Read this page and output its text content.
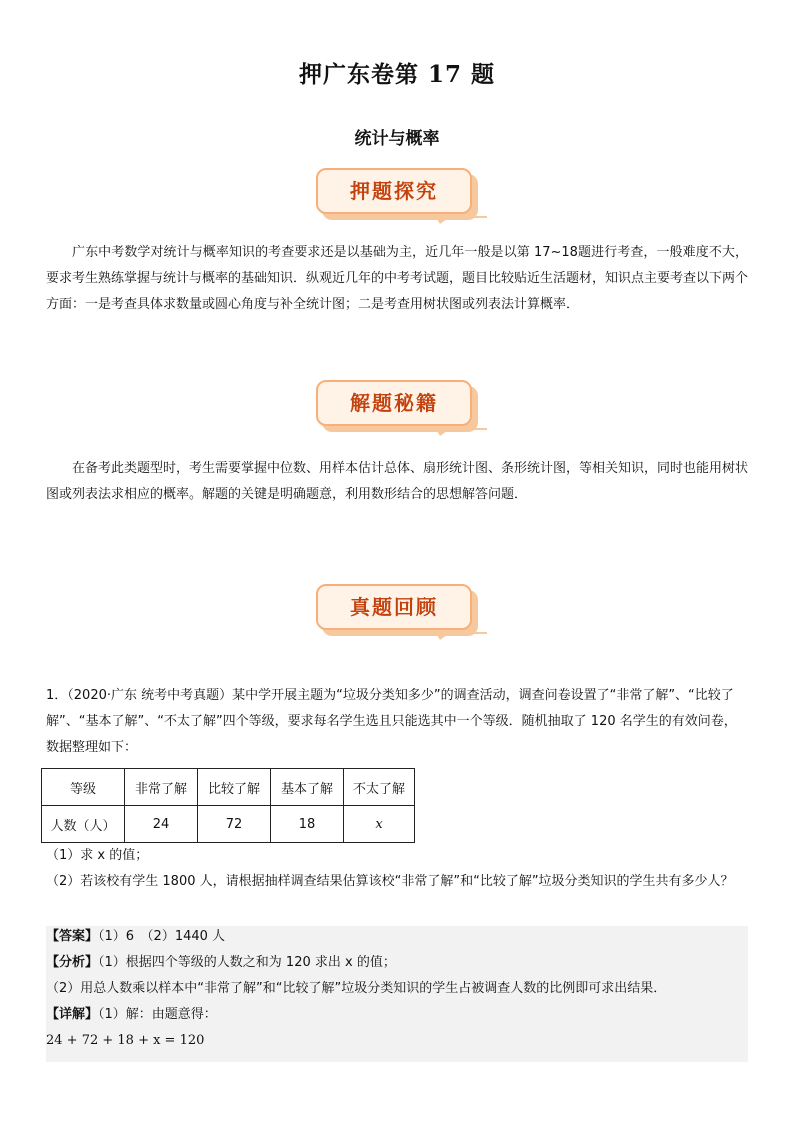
押广东卷第 17 题
统计与概率
押题探究

广东中考数学对统计与概率知识的考查要求还是以基础为主，近几年一般是以第 17~18题进行考查，一般难度不大，要求考生熟练掌握与统计与概率的基础知识．纵观近几年的中考考试题，题目比较贴近生活题材，知识点主要考查以下两个方面：一是考查具体求数量或圆心角度与补全统计图；二是考查用树状图或列表法计算概率．

解题秘籍

在备考此类题型时，考生需要掌握中位数、用样本估计总体、扇形统计图、条形统计图，等相关知识，同时也能用树状图或列表法求相应的概率。解题的关键是明确题意，利用数形结合的思想解答问题．

真题回顾

1．（2020·广东 统考中考真题）某中学开展主题为“垃圾分类知多少”的调查活动，调查问卷设置了“非常了解”、“比较了解”、“基本了解”、“不太了解”四个等级，要求每名学生选且只能选其中一个等级．随机抽取了 120 名学生的有效问卷，数据整理如下：

等级	非常了解	比较了解	基本了解	不太了解
人数（人）	24	72	18	x

（1）求 x 的值；

（2）若该校有学生 1800 人，请根据抽样调查结果估算该校“非常了解”和“比较了解”垃圾分类知识的学生共有多少人？

【答案】（1）6　（2）1440 人
【分析】（1）根据四个等级的人数之和为 120 求出 x 的值；
（2）用总人数乘以样本中“非常了解”和“比较了解”垃圾分类知识的学生占被调查人数的比例即可求出结果．
【详解】（1）解：由题意得：
24 + 72 + 18 + x = 120
